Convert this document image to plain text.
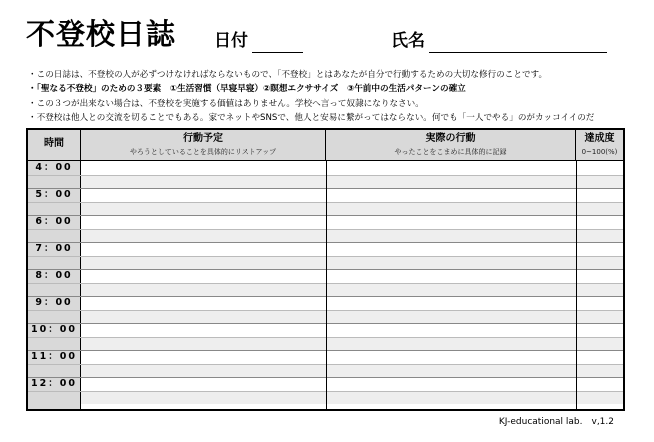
不登校日誌 日付	氏名
・この日誌は、不登校の人が必ずつけなければならないもので、「不登校」とはあなたが自分で行動するための大切な修行のことです。
・「聖なる不登校」のための３要素　①生活習慣（早寝早寝）②瞑想エクササイズ　③午前中の生活パターンの確立
・この３つが出来ない場合は、不登校を実施する価値はありません。学校へ言って奴隷になりなさい。
・不登校は他人との交流を切ることでもある。家でネットやSNSで、他人と安易に繋がってはならない。何でも「一人でやる」のがカッコイイのだ
時間	行動予定
やろうとしていることを具体的にリストアップ
実際の行動
やったことをこまめに具体的に記録
達成度
0~100(%)
4：00
5：00
6：00
7：00
8：00
9：00
10：00
11：00
12：00
KJ-educational lab.　v,1.2
